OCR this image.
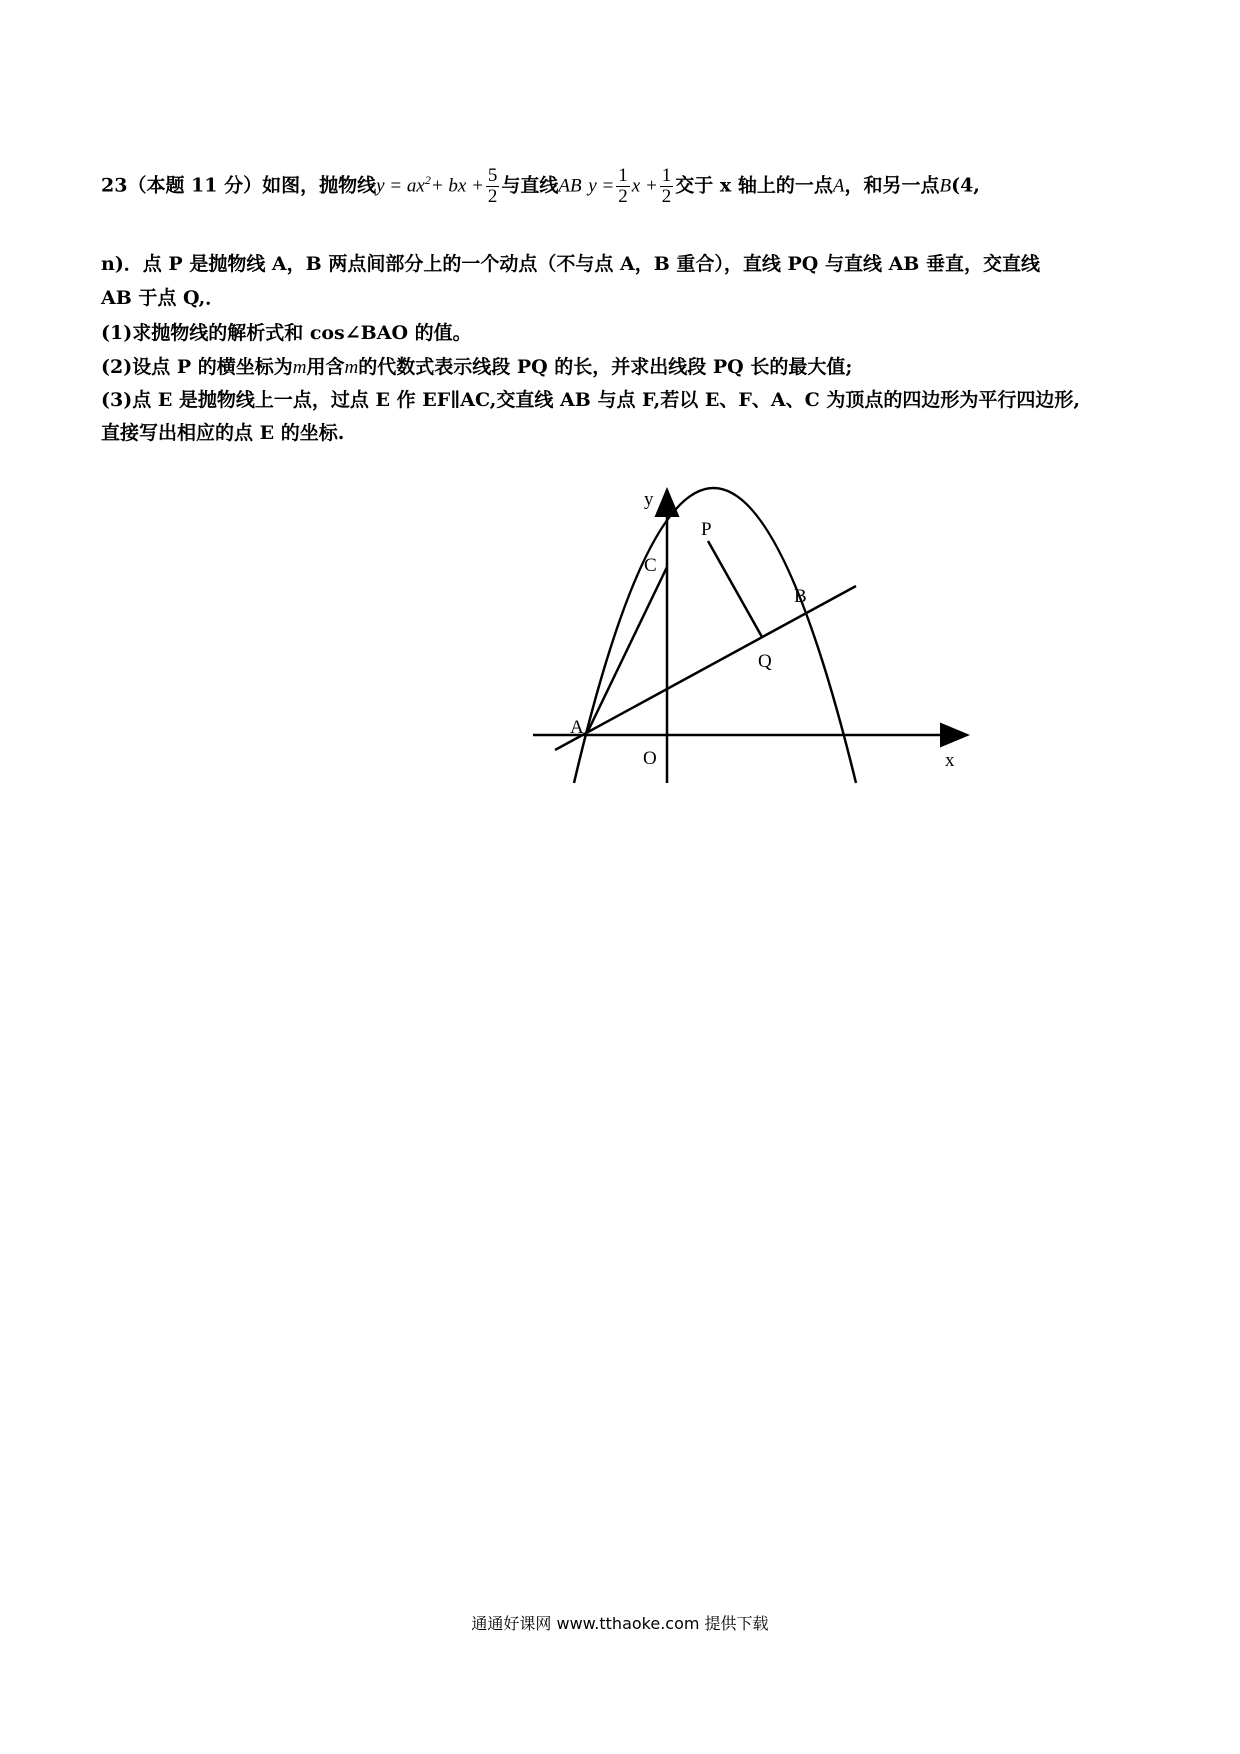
23（本题 11 分）如图，抛物线$y = ax^2+$ bx + $\frac{5}{2}$ 与直线AB $y = \frac{1}{2}$ $x + \frac{1}{2}$ 交于 x 轴上的一点A，和另一点B(4,
n)．点 P 是抛物线 A，B 两点间部分上的一个动点（不与点 A，B 重合），直线 PQ 与直线 AB 垂直，交直线
AB 于点 Q,．
(1)求抛物线的解析式和 cos∠BAO 的值。
(2)设点 P 的横坐标为m用含m的代数式表示线段 PQ 的长，并求出线段 PQ 长的最大值;
(3)点 E 是抛物线上一点，过点 E 作 EF∥AC,交直线 AB 与点 F,若以 E、F、A、C 为顶点的四边形为平行四边形,
直接写出相应的点 E 的坐标.
y
x
O
A
B
C
P
Q
通通好课网 www.tthaoke.com 提供下载
